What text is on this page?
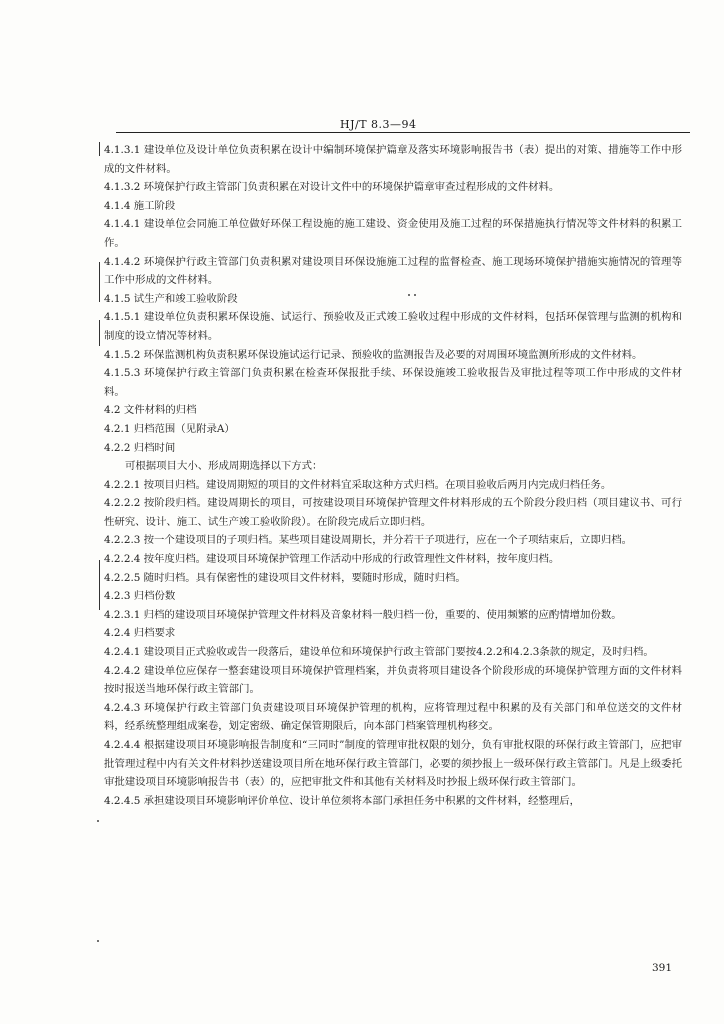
HJ/T 8.3—94

4.1.3.1 建设单位及设计单位负责积累在设计中编制环境保护篇章及落实环境影响报告书（表）提出的对策、措施等工作中形成的文件材料。

4.1.3.2 环境保护行政主管部门负责积累在对设计文件中的环境保护篇章审查过程形成的文件材料。

4.1.4 施工阶段

4.1.4.1 建设单位会同施工单位做好环保工程设施的施工建设、资金使用及施工过程的环保措施执行情况等文件材料的积累工作。

4.1.4.2 环境保护行政主管部门负责积累对建设项目环保设施施工过程的监督检查、施工现场环境保护措施实施情况的管理等工作中形成的文件材料。

4.1.5 试生产和竣工验收阶段

4.1.5.1 建设单位负责积累环保设施、试运行、预验收及正式竣工验收过程中形成的文件材料，包括环保管理与监测的机构和制度的设立情况等材料。

4.1.5.2 环保监测机构负责积累环保设施试运行记录、预验收的监测报告及必要的对周围环境监测所形成的文件材料。

4.1.5.3 环境保护行政主管部门负责积累在检查环保报批手续、环保设施竣工验收报告及审批过程等项工作中形成的文件材料。

4.2 文件材料的归档

4.2.1 归档范围（见附录A）

4.2.2 归档时间

可根据项目大小、形成周期选择以下方式：

4.2.2.1 按项目归档。建设周期短的项目的文件材料宜采取这种方式归档。在项目验收后两月内完成归档任务。

4.2.2.2 按阶段归档。建设周期长的项目，可按建设项目环境保护管理文件材料形成的五个阶段分段归档（项目建议书、可行性研究、设计、施工、试生产竣工验收阶段）。在阶段完成后立即归档。

4.2.2.3 按一个建设项目的子项归档。某些项目建设周期长，并分若干子项进行，应在一个子项结束后，立即归档。

4.2.2.4 按年度归档。建设项目环境保护管理工作活动中形成的行政管理性文件材料，按年度归档。

4.2.2.5 随时归档。具有保密性的建设项目文件材料，要随时形成，随时归档。

4.2.3 归档份数

4.2.3.1 归档的建设项目环境保护管理文件材料及音象材料一般归档一份，重要的、使用频繁的应酌情增加份数。

4.2.4 归档要求

4.2.4.1 建设项目正式验收或告一段落后，建设单位和环境保护行政主管部门要按4.2.2和4.2.3条款的规定，及时归档。

4.2.4.2 建设单位应保存一整套建设项目环境保护管理档案，并负责将项目建设各个阶段形成的环境保护管理方面的文件材料按时报送当地环保行政主管部门。

4.2.4.3 环境保护行政主管部门负责建设项目环境保护管理的机构，应将管理过程中积累的及有关部门和单位送交的文件材料，经系统整理组成案卷，划定密级、确定保管期限后，向本部门档案管理机构移交。

4.2.4.4 根据建设项目环境影响报告制度和“三同时”制度的管理审批权限的划分，负有审批权限的环保行政主管部门，应把审批管理过程中内有关文件材料抄送建设项目所在地环保行政主管部门，必要的须抄报上一级环保行政主管部门。凡是上级委托审批建设项目环境影响报告书（表）的，应把审批文件和其他有关材料及时抄报上级环保行政主管部门。

4.2.4.5 承担建设项目环境影响评价单位、设计单位须将本部门承担任务中积累的文件材料，经整理后，

391
